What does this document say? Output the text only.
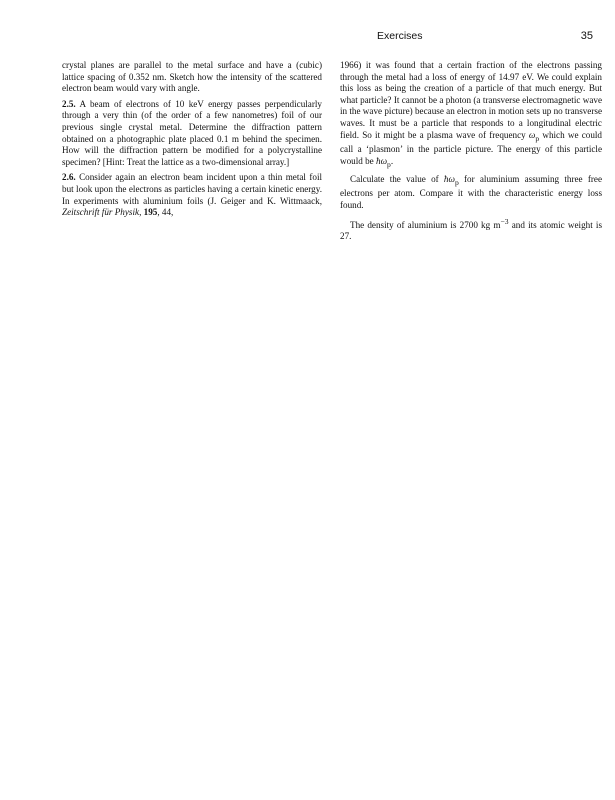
Exercises	35

crystal planes are parallel to the metal surface and have a (cubic) lattice spacing of 0.352 nm. Sketch how the intensity of the scattered electron beam would vary with angle.

2.5. A beam of electrons of 10 keV energy passes perpendicularly through a very thin (of the order of a few nanometres) foil of our previous single crystal metal. Determine the diffraction pattern obtained on a photographic plate placed 0.1 m behind the specimen. How will the diffraction pattern be modified for a polycrystalline specimen? [Hint: Treat the lattice as a two-dimensional array.]

2.6. Consider again an electron beam incident upon a thin metal foil but look upon the electrons as particles having a certain kinetic energy. In experiments with aluminium foils (J. Geiger and K. Wittmaack, Zeitschrift für Physik, 195, 44,

1966) it was found that a certain fraction of the electrons passing through the metal had a loss of energy of 14.97 eV. We could explain this loss as being the creation of a particle of that much energy. But what particle? It cannot be a photon (a transverse electromagnetic wave in the wave picture) because an electron in motion sets up no transverse waves. It must be a particle that responds to a longitudinal electric field. So it might be a plasma wave of frequency $\omega_p$ which we could call a ‘plasmon’ in the particle picture. The energy of this particle would be $ħ\omega_p$.

Calculate the value of $ħ\omega_p$ for aluminium assuming three free electrons per atom. Compare it with the characteristic energy loss found.

The density of aluminium is 2700 kg $m^{-3}$ and its atomic weight is 27.
